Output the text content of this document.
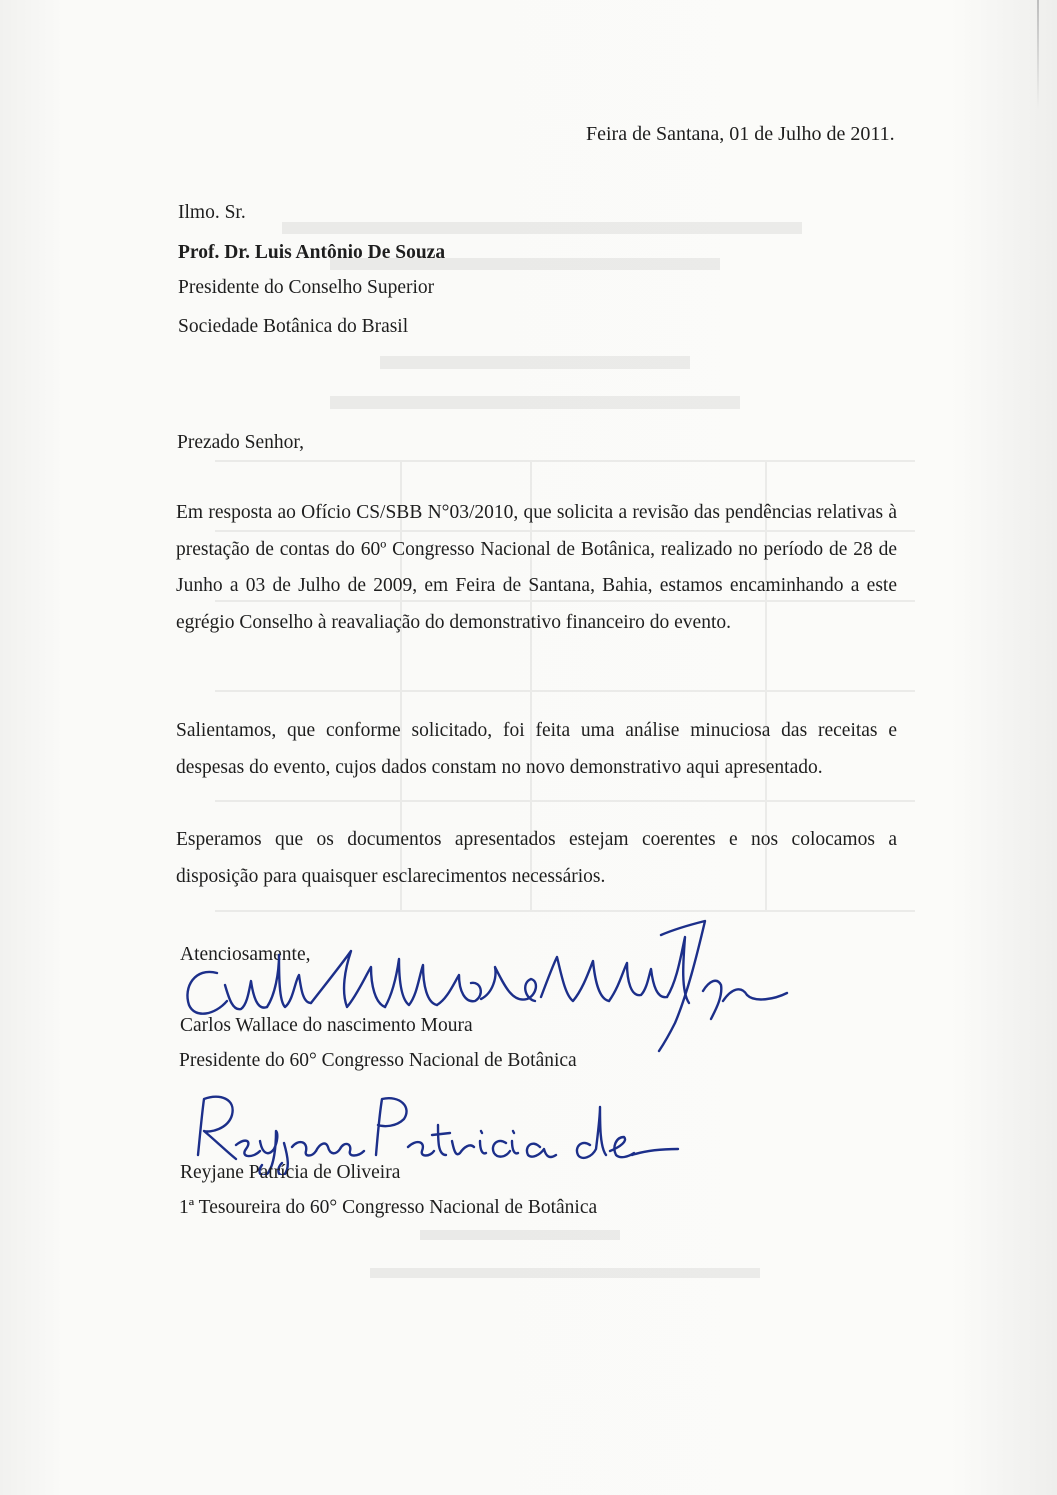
Feira de Santana, 01 de Julho de 2011.
Ilmo. Sr.
Prof. Dr. Luis Antônio De Souza
Presidente do Conselho Superior
Sociedade Botânica do Brasil
Prezado Senhor,
Em resposta ao Ofício CS/SBB N°03/2010, que solicita a revisão das pendências relativas à prestação de contas do 60º Congresso Nacional de Botânica, realizado no período de 28 de Junho a 03 de Julho de 2009, em Feira de Santana, Bahia, estamos encaminhando a este egrégio Conselho à reavaliação do demonstrativo financeiro do evento.
Salientamos, que conforme solicitado, foi feita uma análise minuciosa das receitas e despesas do evento, cujos dados constam no novo demonstrativo aqui apresentado.
Esperamos que os documentos apresentados estejam coerentes e nos colocamos a disposição para quaisquer esclarecimentos necessários.
Atenciosamente,
Carlos Wallace do nascimento Moura
Presidente do 60° Congresso Nacional de Botânica
Reyjane Patrícia de Oliveira
1ª Tesoureira do 60° Congresso Nacional de Botânica
